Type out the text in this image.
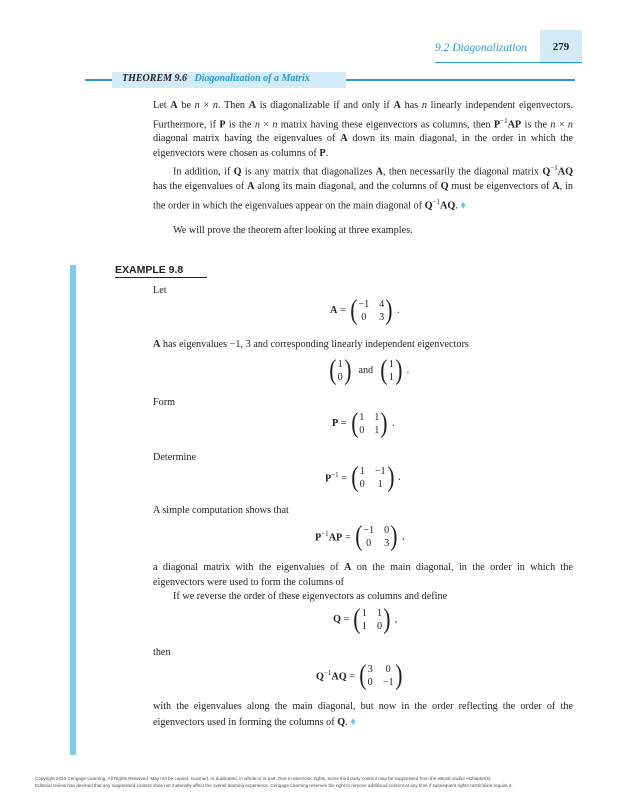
9.2 Diagonalization	279
THEOREM 9.6 Diagonalization of a Matrix

Let A be n × n. Then A is diagonalizable if and only if A has n linearly independent eigenvectors. Furthermore, if P is the n × n matrix having these eigenvectors as columns, then $P^{-1}AP$ is the n × n diagonal matrix having the eigenvalues of A down its main diagonal, in the order in which the eigenvectors were chosen as columns of P.

In addition, if Q is any matrix that diagonalizes A, then necessarily the diagonal matrix $Q^{-1}AQ$ has the eigenvalues of A along its main diagonal, and the columns of Q must be eigenvectors of A, in the order in which the eigenvalues appear on the main diagonal of $Q^{-1}AQ$. ♦

We will prove the theorem after looking at three examples.

EXAMPLE 9.8
Let
A = ( −1 4
0 3 ) .
A has eigenvalues −1, 3 and corresponding linearly independent eigenvectors
( 1
0 ) and ( 1
1 ) .
Form
P = ( 1 1
0 1 ) .
Determine
$P^{-1}$ = ( 1 −1
0 1 ) .
A simple computation shows that
$P^{-1}AP$ = ( −1 0
0 3 ) ,

a diagonal matrix with the eigenvalues of A on the main diagonal, in the order in which the eigenvectors were used to form the columns of

If we reverse the order of these eigenvectors as columns and define

Q = ( 1 1
1 0 ) ,
then
$Q^{-1}AQ$ = ( 3 0
0 −1 )

with the eigenvalues along the main diagonal, but now in the order reflecting the order of the eigenvectors used in forming the columns of Q. ♦

Copyright 2010 Cengage Learning. All Rights Reserved. May not be copied, scanned, or duplicated, in whole or in part. Due to electronic rights, some third party content may be suppressed from the eBook and/or eChapter(s).
Editorial review has deemed that any suppressed content does not materially affect the overall learning experience. Cengage Learning reserves the right to remove additional content at any time if subsequent rights restrictions require it.
